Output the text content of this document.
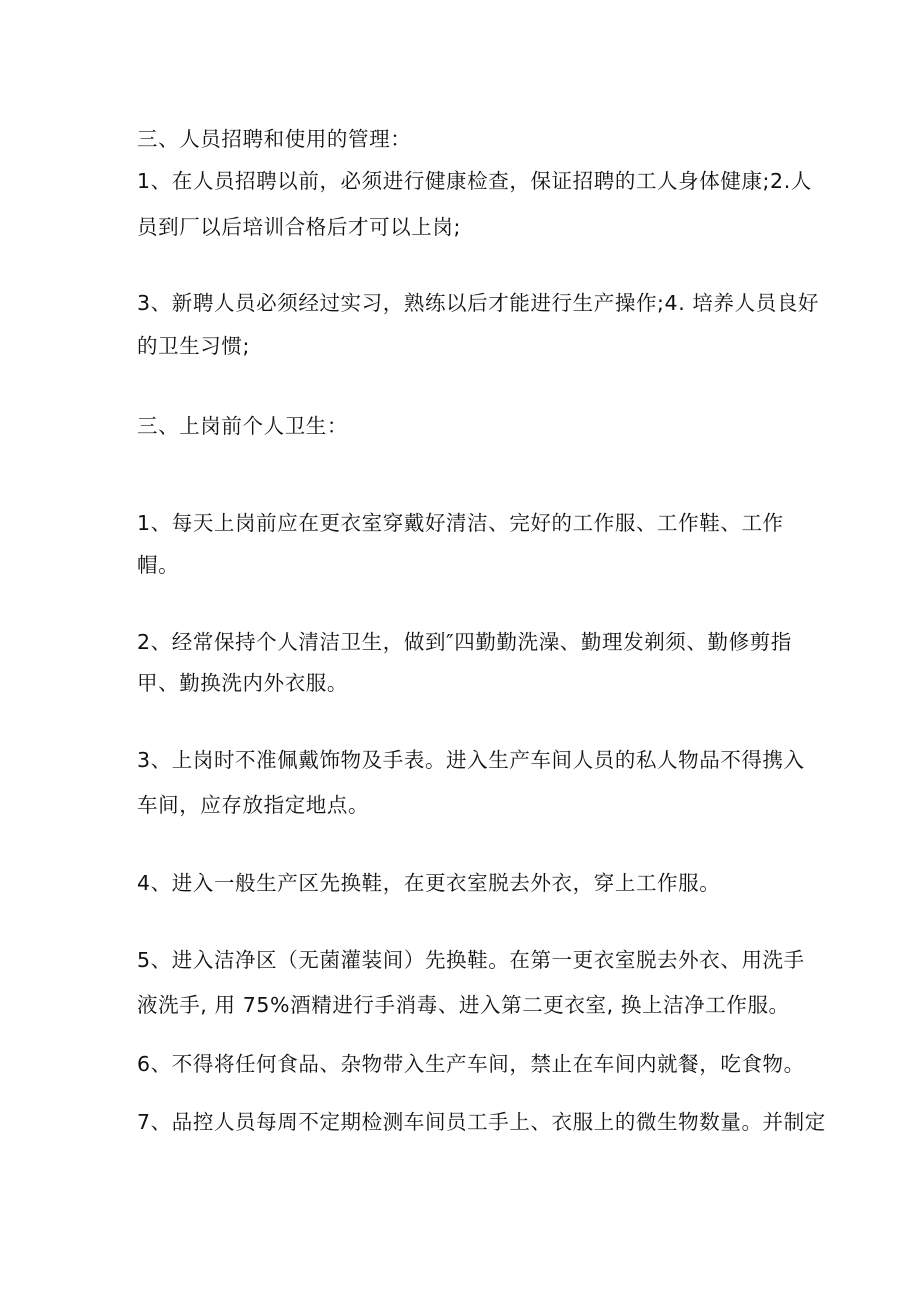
三、人员招聘和使用的管理：
1、在人员招聘以前，必须进行健康检查，保证招聘的工人身体健康;2.人
员到厂以后培训合格后才可以上岗;
3、新聘人员必须经过实习，熟练以后才能进行生产操作;4. 培养人员良好
的卫生习惯;
三、上岗前个人卫生：
1、每天上岗前应在更衣室穿戴好清洁、完好的工作服、工作鞋、工作
帽。
2、经常保持个人清洁卫生，做到″四勤勤洗澡、勤理发剃须、勤修剪指
甲、勤换洗内外衣服。
3、上岗时不准佩戴饰物及手表。进入生产车间人员的私人物品不得携入
车间，应存放指定地点。
4、进入一般生产区先换鞋，在更衣室脱去外衣，穿上工作服。
5、进入洁净区（无菌灌装间）先换鞋。在第一更衣室脱去外衣、用洗手
液洗手, 用 75%酒精进行手消毒、进入第二更衣室, 换上洁净工作服。
6、不得将任何食品、杂物带入生产车间，禁止在车间内就餐，吃食物。
7、品控人员每周不定期检测车间员工手上、衣服上的微生物数量。并制定
